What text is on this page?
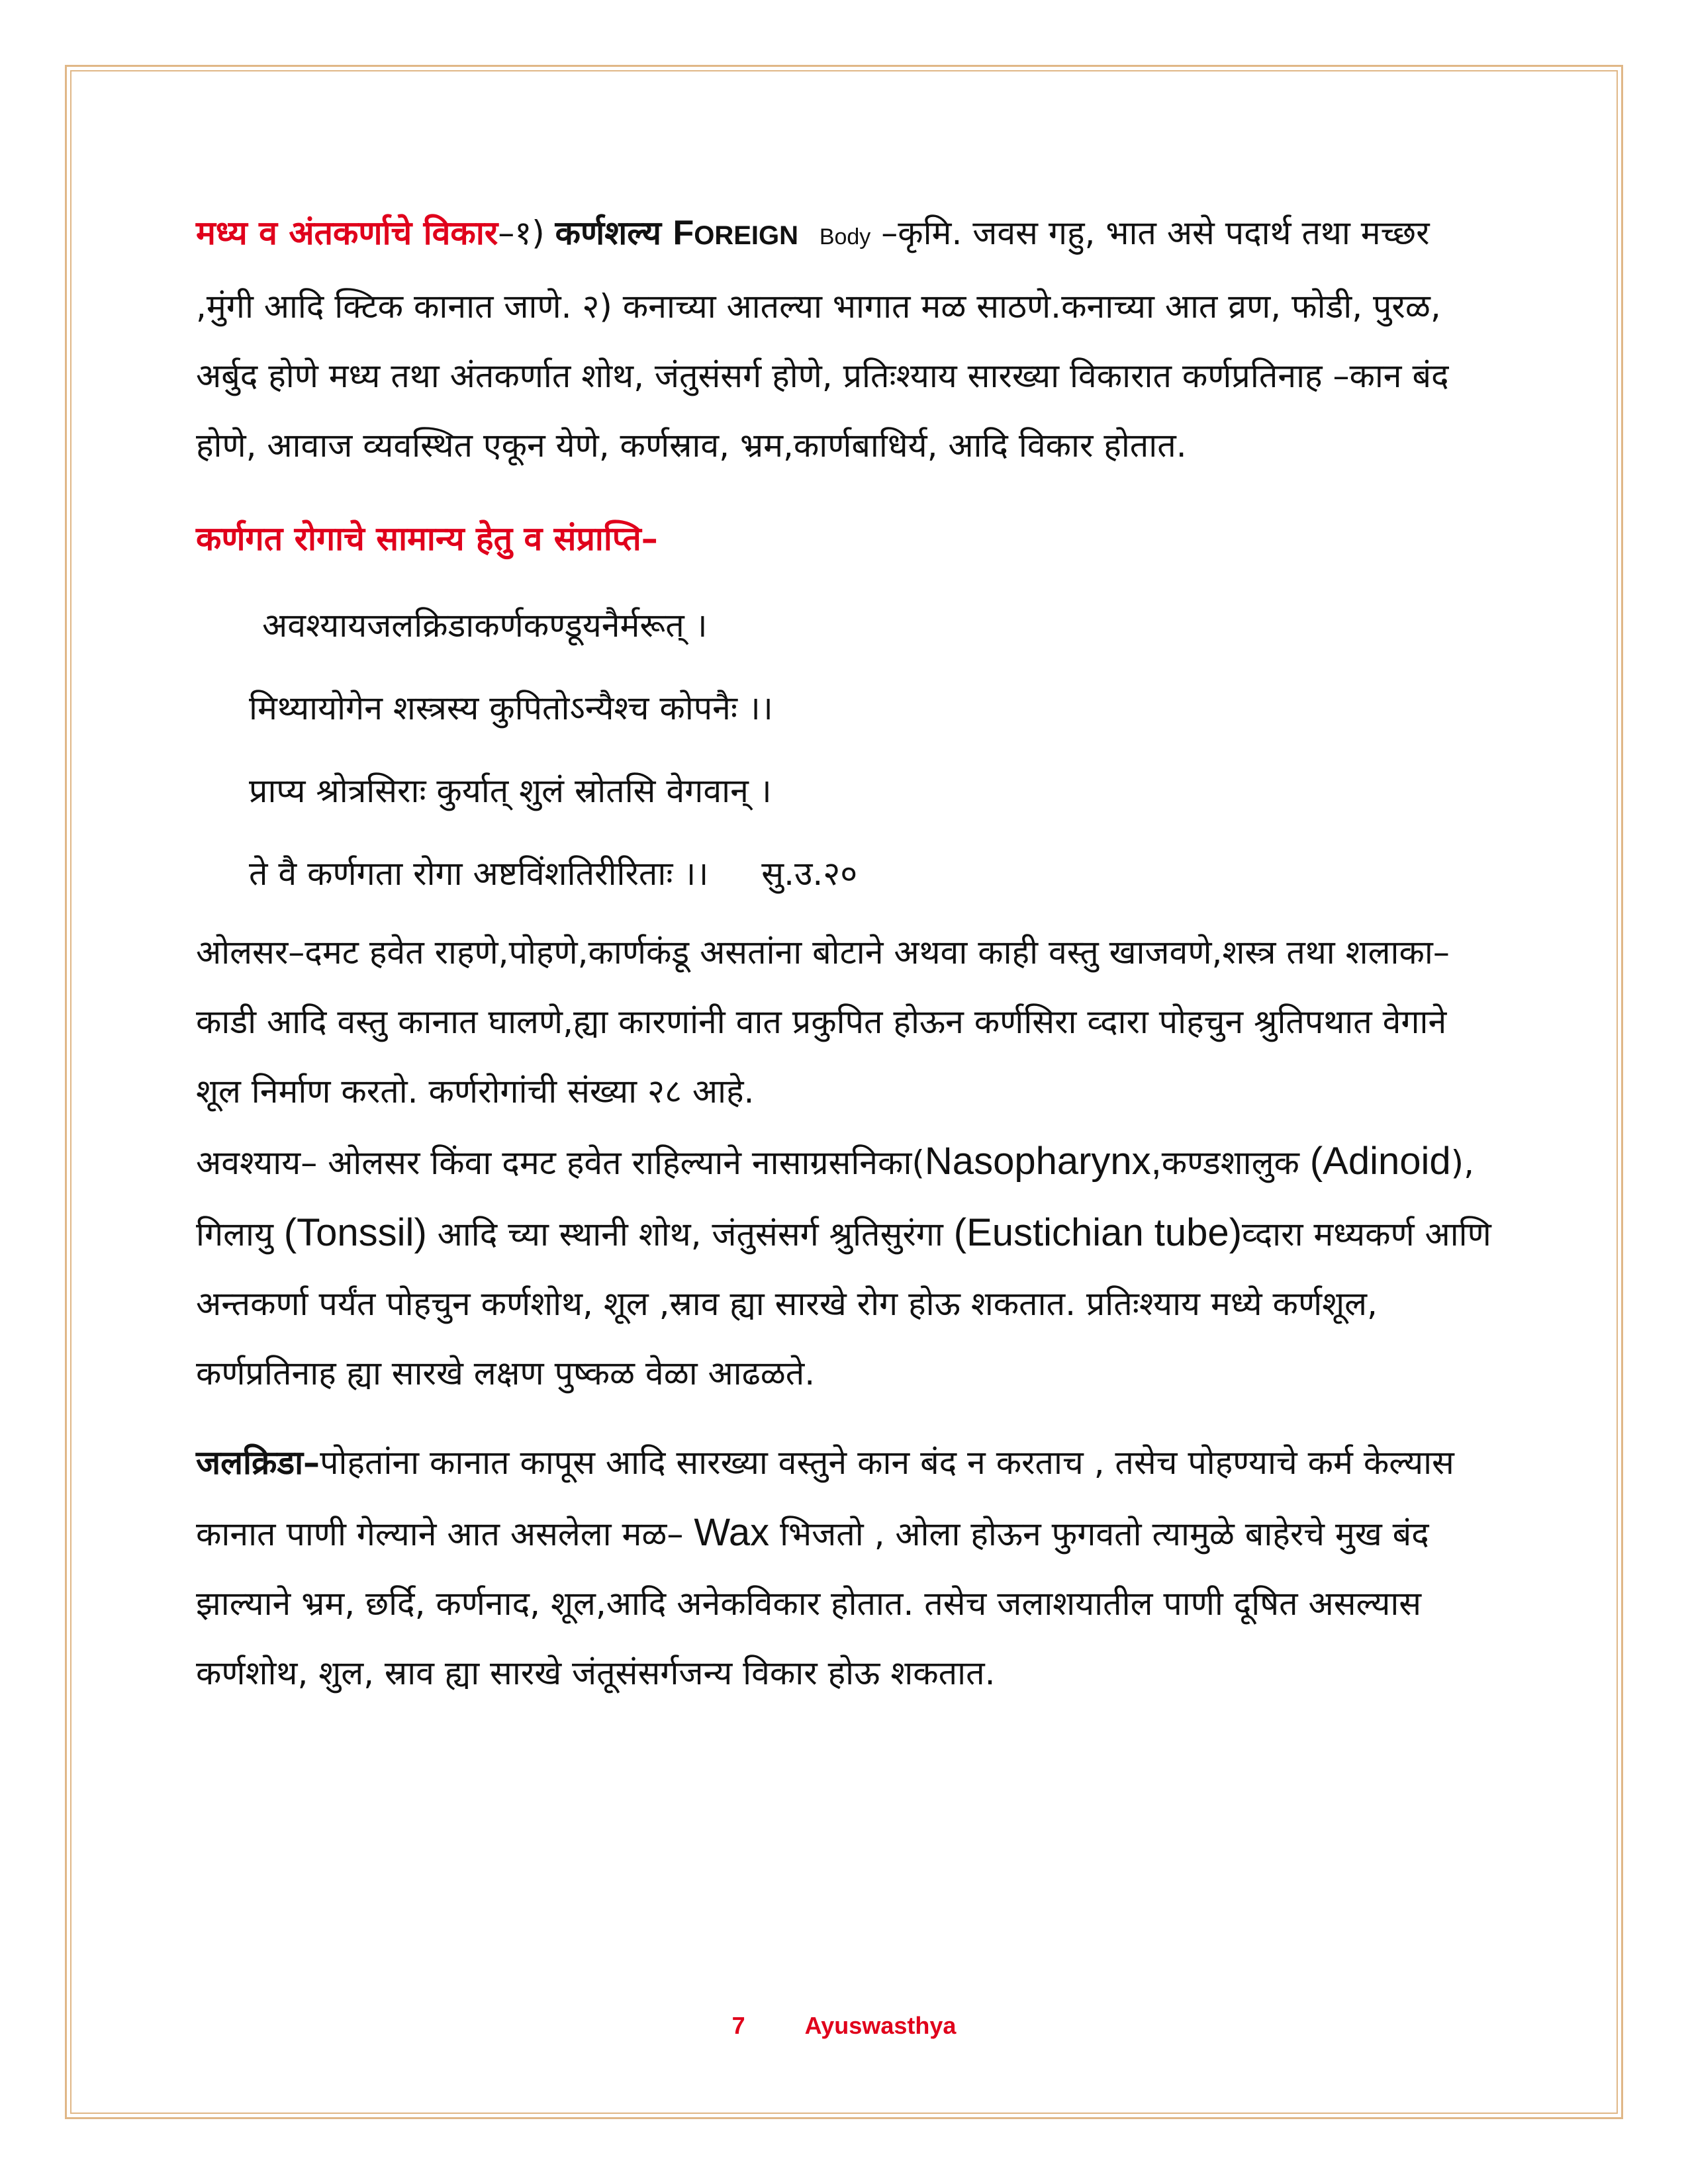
मध्य व अंतकर्णाचे विकार–१) कर्णशल्य FOREIGN Body –कृमि. जवस गहु, भात असे पदार्थ तथा मच्छर ,मुंगी आदि क्टिक कानात जाणे. २) कनाच्या आतल्या भागात मळ साठणे.कनाच्या आत व्रण, फोडी, पुरळ, अर्बुद होणे मध्य तथा अंतकर्णात शोथ, जंतुसंसर्ग होणे, प्रतिःश्याय सारख्या विकारात कर्णप्रतिनाह –कान बंद होणे, आवाज व्यवस्थित एकून येणे, कर्णस्राव, भ्रम,कार्णबाधिर्य, आदि विकार होतात.

कर्णगत रोगाचे सामान्य हेतु व संप्राप्ति–

अवश्यायजलक्रिडाकर्णकण्डूयनैर्मरूत् ।

मिथ्यायोगेन शस्त्रस्य कुपितोऽन्यैश्च कोपनैः ।।

प्राप्य श्रोत्रसिराः कुर्यात् शुलं स्रोतसि वेगवान् ।

ते वै कर्णगता रोगा अष्टविंशतिरीरिताः ।। सु.उ.२०

ओलसर–दमट हवेत राहणे,पोहणे,कार्णकंडू असतांना बोटाने अथवा काही वस्तु खाजवणे,शस्त्र तथा शलाका–काडी आदि वस्तु कानात घालणे,ह्या कारणांनी वात प्रकुपित होऊन कर्णसिरा व्दारा पोहचुन श्रुतिपथात वेगाने शूल निर्माण करतो. कर्णरोगांची संख्या २८ आहे.

अवश्याय– ओलसर किंवा दमट हवेत राहिल्याने नासाग्रसनिका(Nasopharynx,कण्डशालुक (Adinoid), गिलायु (Tonssil) आदि च्या स्थानी शोथ, जंतुसंसर्ग श्रुतिसुरंगा (Eustichian tube)व्दारा मध्यकर्ण आणि अन्तकर्णा पर्यंत पोहचुन कर्णशोथ, शूल ,स्राव ह्या सारखे रोग होऊ शकतात. प्रतिःश्याय मध्ये कर्णशूल, कर्णप्रतिनाह ह्या सारखे लक्षण पुष्कळ वेळा आढळते.

जलक्रिडा–पोहतांना कानात कापूस आदि सारख्या वस्तुने कान बंद न करताच , तसेच पोहण्याचे कर्म केल्यास कानात पाणी गेल्याने आत असलेला मळ– Wax भिजतो , ओला होऊन फुगवतो त्यामुळे बाहेरचे मुख बंद झाल्याने भ्रम, छर्दि, कर्णनाद, शूल,आदि अनेकविकार होतात. तसेच जलाशयातील पाणी दूषित असल्यास कर्णशोथ, शुल, स्राव ह्या सारखे जंतूसंसर्गजन्य विकार होऊ शकतात.

7	Ayuswasthya
